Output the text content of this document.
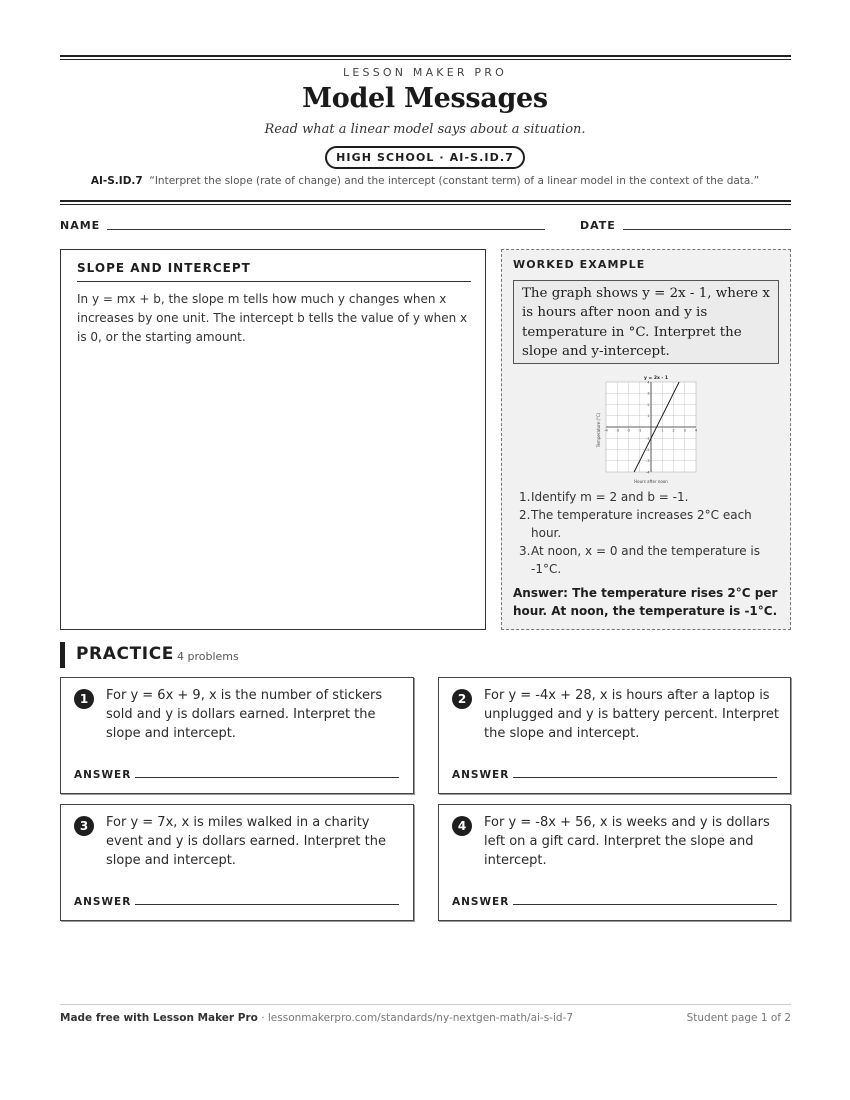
LESSON MAKER PRO
Model Messages
Read what a linear model says about a situation.
HIGH SCHOOL · AI-S.ID.7
AI-S.ID.7 “Interpret the slope (rate of change) and the intercept (constant term) of a linear model in the context of the data.”
NAME	DATE
SLOPE AND INTERCEPT
In y = mx + b, the slope m tells how much y changes when x increases by one unit. The intercept b tells the value of y when x is 0, or the starting amount.
WORKED EXAMPLE
The graph shows y = 2x - 1, where x is hours after noon and y is temperature in °C. Interpret the slope and y-intercept.
-4 -3 -2 -1	1 2 3 4
4
3
2
1
-1
-2
-3
-4
y = 2x - 1
Hours after noon
Temperature (°C)
1. Identify m = 2 and b = -1.
2. The temperature increases 2°C each hour.
3. At noon, x = 0 and the temperature is -1°C.
Answer: The temperature rises 2°C per hour. At noon, the temperature is -1°C.
PRACTICE 4 problems
1	For y = 6x + 9, x is the number of stickers sold and y is dollars earned. Interpret the slope and intercept.
ANSWER
2	For y = -4x + 28, x is hours after a laptop is unplugged and y is battery percent. Interpret the slope and intercept.
ANSWER
3	For y = 7x, x is miles walked in a charity event and y is dollars earned. Interpret the slope and intercept.
ANSWER
4	For y = -8x + 56, x is weeks and y is dollars left on a gift card. Interpret the slope and intercept.
ANSWER
Made free with Lesson Maker Pro · lessonmakerpro.com/standards/ny-nextgen-math/ai-s-id-7	Student page 1 of 2
